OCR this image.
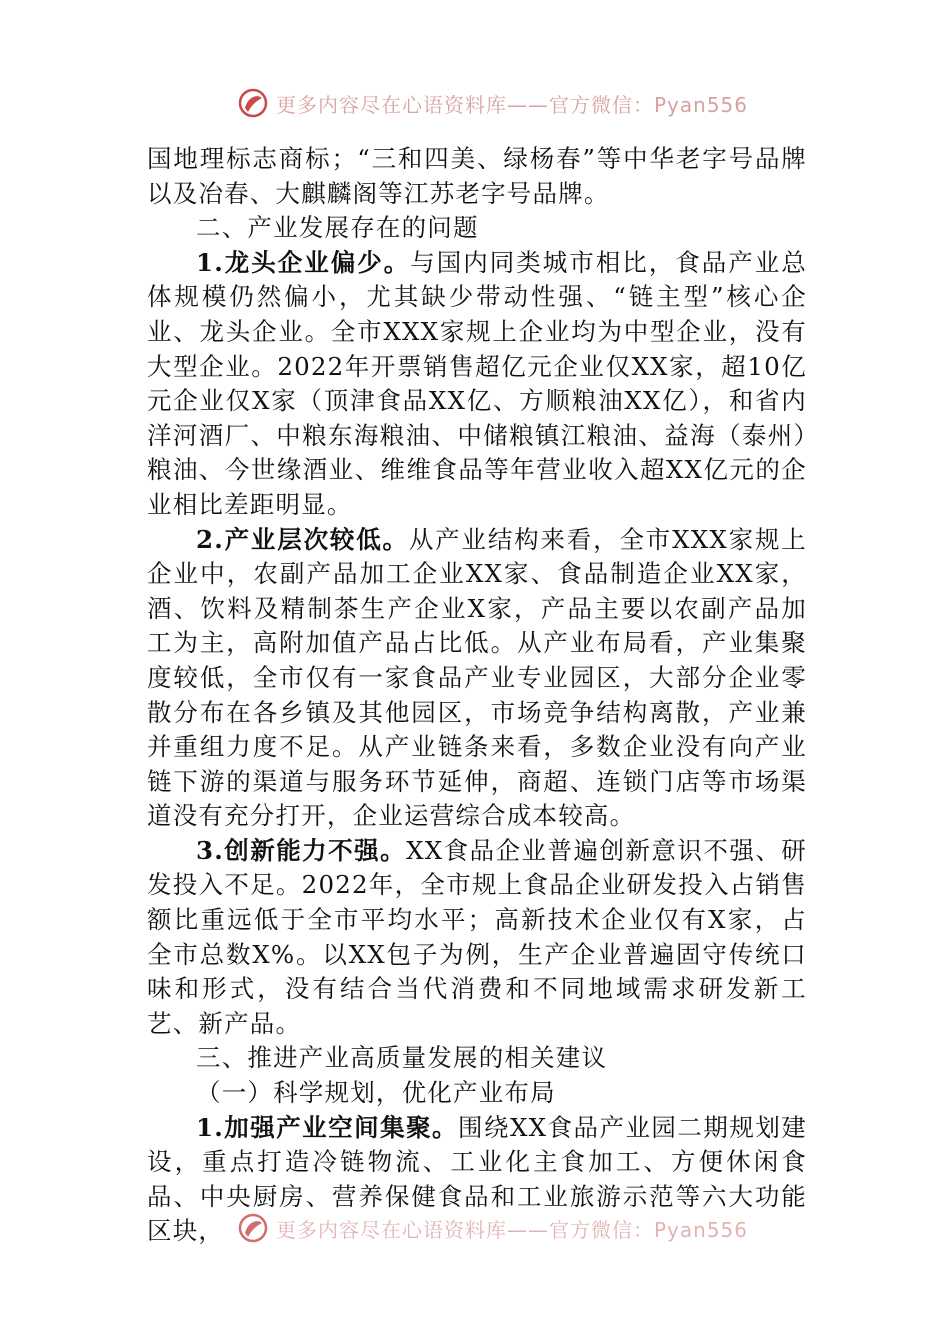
更多内容尽在心语资料库——官方微信：Pyan556

国地理标志商标；“三和四美、绿杨春”等中华老字号品牌以及冶春、大麒麟阁等江苏老字号品牌。

二、产业发展存在的问题

1.龙头企业偏少。与国内同类城市相比，食品产业总体规模仍然偏小，尤其缺少带动性强、“链主型”核心企业、龙头企业。全市XXX家规上企业均为中型企业，没有大型企业。2022年开票销售超亿元企业仅XX家，超10亿元企业仅X家（顶津食品XX亿、方顺粮油XX亿），和省内洋河酒厂、中粮东海粮油、中储粮镇江粮油、益海（泰州）粮油、今世缘酒业、维维食品等年营业收入超XX亿元的企业相比差距明显。

2.产业层次较低。从产业结构来看，全市XXX家规上企业中，农副产品加工企业XX家、食品制造企业XX家，酒、饮料及精制茶生产企业X家，产品主要以农副产品加工为主，高附加值产品占比低。从产业布局看，产业集聚度较低，全市仅有一家食品产业专业园区，大部分企业零散分布在各乡镇及其他园区，市场竞争结构离散，产业兼并重组力度不足。从产业链条来看，多数企业没有向产业链下游的渠道与服务环节延伸，商超、连锁门店等市场渠道没有充分打开，企业运营综合成本较高。

3.创新能力不强。XX食品企业普遍创新意识不强、研发投入不足。2022年，全市规上食品企业研发投入占销售额比重远低于全市平均水平；高新技术企业仅有X家，占全市总数X%。以XX包子为例，生产企业普遍固守传统口味和形式，没有结合当代消费和不同地域需求研发新工艺、新产品。

三、推进产业高质量发展的相关建议

（一）科学规划，优化产业布局

1.加强产业空间集聚。围绕XX食品产业园二期规划建设，重点打造冷链物流、工业化主食加工、方便休闲食品、中央厨房、营养保健食品和工业旅游示范等六大功能区块，	更多内容尽在心语资料库——官方微信：Pyan556
